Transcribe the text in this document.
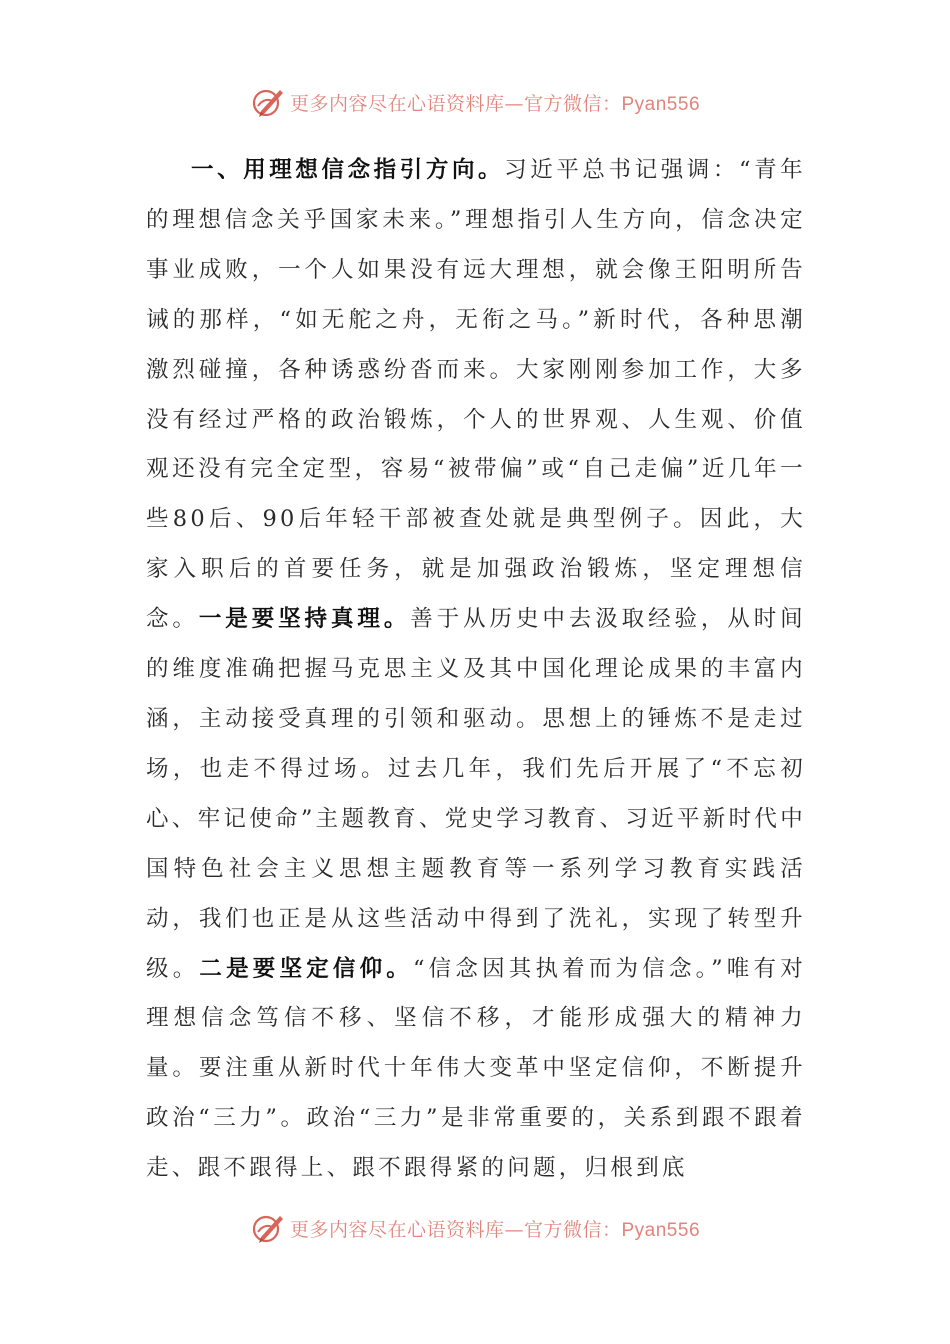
更多内容尽在心语资料库—官方微信：Pyan556

一、用理想信念指引方向。习近平总书记强调：“青年的理想信念关乎国家未来。”理想指引人生方向，信念决定事业成败，一个人如果没有远大理想，就会像王阳明所告诫的那样，“如无舵之舟，无衔之马。”新时代，各种思潮激烈碰撞，各种诱惑纷沓而来。大家刚刚参加工作，大多没有经过严格的政治锻炼，个人的世界观、人生观、价值观还没有完全定型，容易“被带偏”或“自己走偏”近几年一些80后、90后年轻干部被查处就是典型例子。因此，大家入职后的首要任务，就是加强政治锻炼，坚定理想信念。一是要坚持真理。善于从历史中去汲取经验，从时间的维度准确把握马克思主义及其中国化理论成果的丰富内涵，主动接受真理的引领和驱动。思想上的锤炼不是走过场，也走不得过场。过去几年，我们先后开展了“不忘初心、牢记使命”主题教育、党史学习教育、习近平新时代中国特色社会主义思想主题教育等一系列学习教育实践活动，我们也正是从这些活动中得到了洗礼，实现了转型升级。二是要坚定信仰。“信念因其执着而为信念。”唯有对理想信念笃信不移、坚信不移，才能形成强大的精神力量。要注重从新时代十年伟大变革中坚定信仰，不断提升政治“三力”。政治“三力”是非常重要的，关系到跟不跟着走、跟不跟得上、跟不跟得紧的问题，归根到底

更多内容尽在心语资料库—官方微信：Pyan556
